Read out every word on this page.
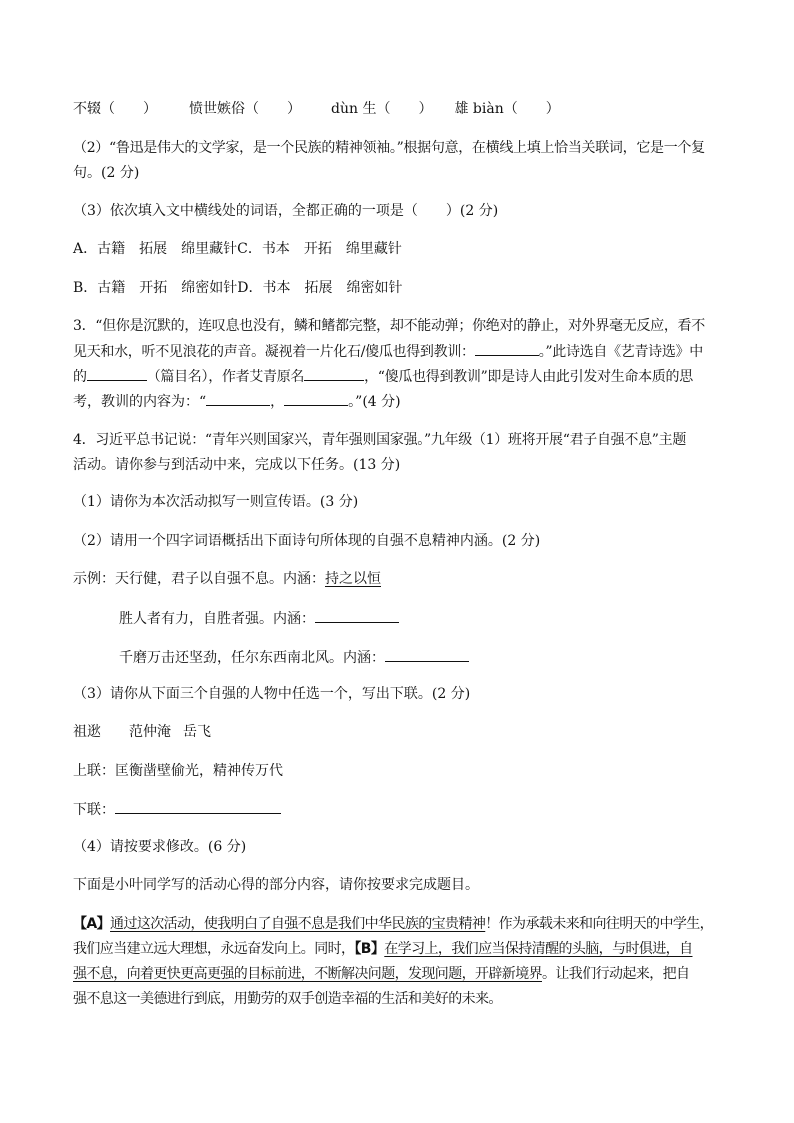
不辍（　　） 愤世嫉俗（　　） dùn 生（　　） 雄 biàn（　　）
（2）“鲁迅是伟大的文学家，是一个民族的精神领袖。”根据句意，在横线上填上恰当关联词，它是一个复
句。(2 分)
（3）依次填入文中横线处的词语，全都正确的一项是（　　）(2 分)
A．古籍　拓展　绵里藏针C．书本　开拓　绵里藏针
B．古籍　开拓　绵密如针D．书本　拓展　绵密如针
3．“但你是沉默的，连叹息也没有，鳞和鳍都完整，却不能动弹；你绝对的静止，对外界毫无反应，看不
见天和水，听不见浪花的声音。凝视着一片化石/傻瓜也得到教训：	。”此诗选自《艺青诗选》中
的	（篇目名），作者艾青原名	，“傻瓜也得到教训”即是诗人由此引发对生命本质的思
考，教训的内容为：“	，	。”(4 分)
4．习近平总书记说：“青年兴则国家兴，青年强则国家强。”九年级（1）班将开展“君子自强不息”主题
活动。请你参与到活动中来，完成以下任务。(13 分)
（1）请你为本次活动拟写一则宣传语。(3 分)
（2）请用一个四字词语概括出下面诗句所体现的自强不息精神内涵。(2 分)
示例：天行健，君子以自强不息。内涵：持之以恒
胜人者有力，自胜者强。内涵：
千磨万击还坚劲，任尔东西南北风。内涵：
（3）请你从下面三个自强的人物中任选一个，写出下联。(2 分)
祖逖 范仲淹 岳飞
上联：匡衡凿壁偷光，精神传万代
下联：
（4）请按要求修改。(6 分)
下面是小叶同学写的活动心得的部分内容，请你按要求完成题目。
【A】通过这次活动，使我明白了自强不息是我们中华民族的宝贵精神！作为承载未来和向往明天的中学生，
我们应当建立远大理想，永远奋发向上。同时，【B】在学习上，我们应当保持清醒的头脑，与时俱进，自
强不息，向着更快更高更强的目标前进，不断解决问题，发现问题，开辟新境界。让我们行动起来，把自
强不息这一美德进行到底，用勤劳的双手创造幸福的生活和美好的未来。
